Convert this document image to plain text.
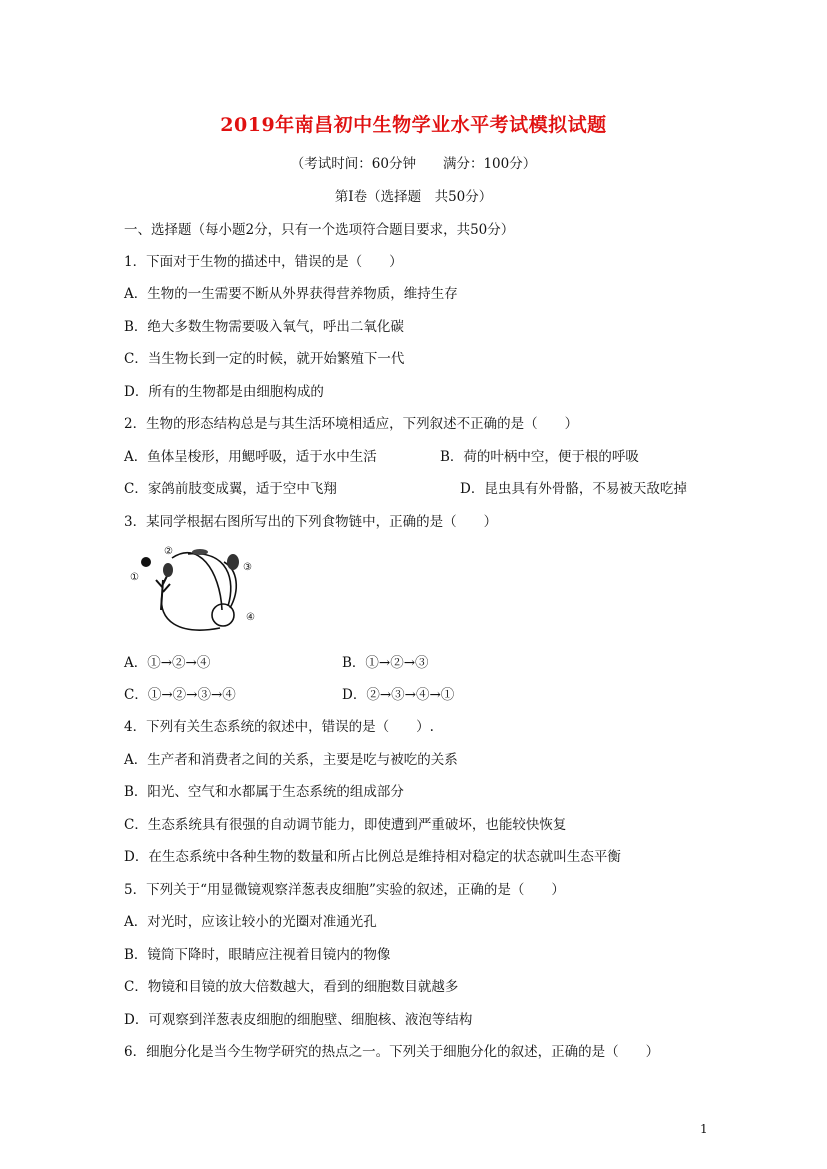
2019年南昌初中生物学业水平考试模拟试题
（考试时间：60分钟　　满分：100分）
第Ⅰ卷（选择题　共50分）
一、选择题（每小题2分，只有一个选项符合题目要求，共50分）
1．下面对于生物的描述中，错误的是（　　）
A．生物的一生需要不断从外界获得营养物质，维持生存
B．绝大多数生物需要吸入氧气，呼出二氧化碳
C．当生物长到一定的时候，就开始繁殖下一代
D．所有的生物都是由细胞构成的
2．生物的形态结构总是与其生活环境相适应，下列叙述不正确的是（　　）
A．鱼体呈梭形，用鳃呼吸，适于水中生活	B．荷的叶柄中空，便于根的呼吸
C．家鸽前肢变成翼，适于空中飞翔	D．昆虫具有外骨骼，不易被天敌吃掉
3．某同学根据右图所写出的下列食物链中，正确的是（　　）
①
②
③
④
A．①→②→④	B．①→②→③
C．①→②→③→④	D．②→③→④→①
4．下列有关生态系统的叙述中，错误的是（　　）.
A．生产者和消费者之间的关系，主要是吃与被吃的关系
B．阳光、空气和水都属于生态系统的组成部分
C．生态系统具有很强的自动调节能力，即使遭到严重破坏，也能较快恢复
D．在生态系统中各种生物的数量和所占比例总是维持相对稳定的状态就叫生态平衡
5．下列关于“用显微镜观察洋葱表皮细胞”实验的叙述，正确的是（　　）
A．对光时，应该让较小的光圈对准通光孔
B．镜筒下降时，眼睛应注视着目镜内的物像
C．物镜和目镜的放大倍数越大，看到的细胞数目就越多
D．可观察到洋葱表皮细胞的细胞壁、细胞核、液泡等结构
6．细胞分化是当今生物学研究的热点之一。下列关于细胞分化的叙述，正确的是（　　）
1
